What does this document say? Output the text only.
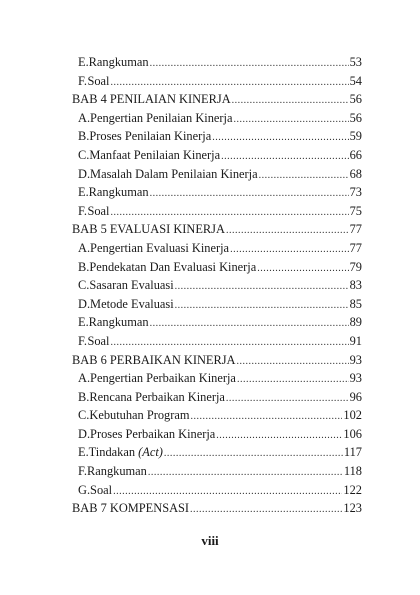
E. Rangkuman .....	53
F. Soal .....	54
BAB 4 PENILAIAN KINERJA .....	56
A. Pengertian Penilaian Kinerja .....	56
B. Proses Penilaian Kinerja .....	59
C. Manfaat Penilaian Kinerja .....	66
D. Masalah Dalam Penilaian Kinerja .....	68
E. Rangkuman .....	73
F. Soal .....	75
BAB 5 EVALUASI KINERJA .....	77
A. Pengertian Evaluasi Kinerja .....	77
B. Pendekatan Dan Evaluasi Kinerja .....	79
C. Sasaran Evaluasi .....	83
D. Metode Evaluasi .....	85
E. Rangkuman .....	89
F. Soal .....	91
BAB 6 PERBAIKAN KINERJA .....	93
A. Pengertian Perbaikan Kinerja .....	93
B. Rencana Perbaikan Kinerja .....	96
C. Kebutuhan Program .....	102
D. Proses Perbaikan Kinerja .....	106
E. Tindakan (Act) .....	117
F. Rangkuman .....	118
G. Soal .....	122
BAB 7 KOMPENSASI .....	123
viii
